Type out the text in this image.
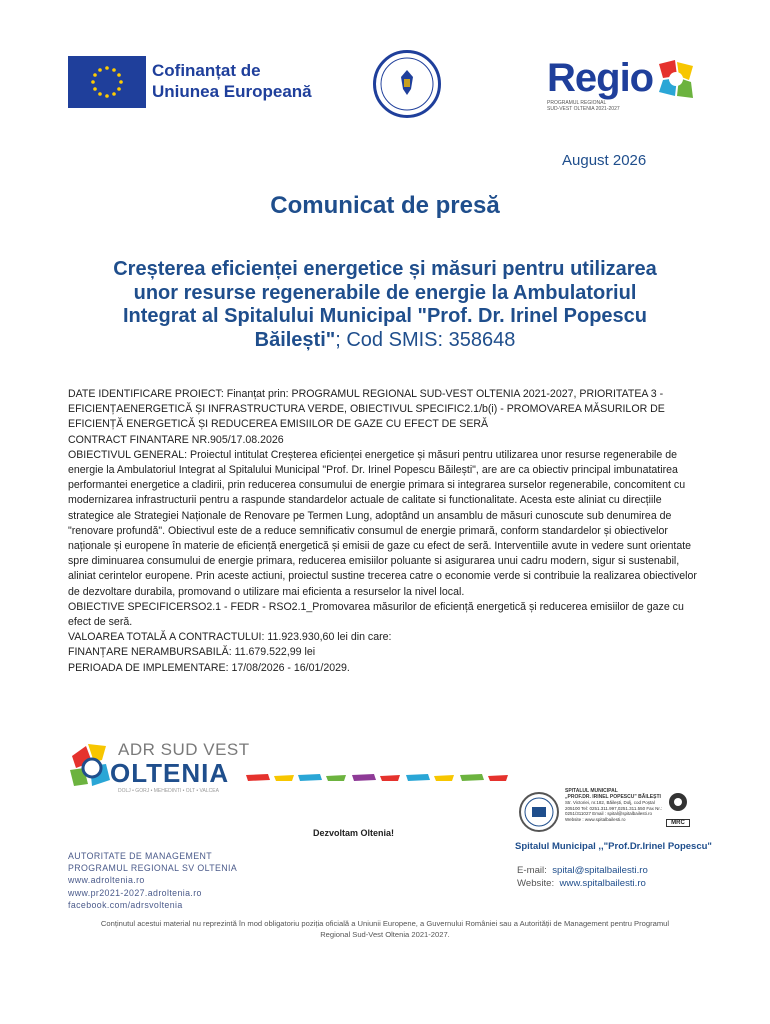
Cofinanțat de
Uniunea Europeană	Regio
PROGRAMUL REGIONAL
SUD-VEST OLTENIA 2021-2027
August 2026
Comunicat de presă
Creșterea eficienței energetice și măsuri pentru utilizarea unor resurse regenerabile de energie la Ambulatoriul Integrat al Spitalului Municipal "Prof. Dr. Irinel Popescu Băilești"; Cod SMIS: 358648

DATE IDENTIFICARE PROIECT: Finanțat prin: PROGRAMUL REGIONAL SUD-VEST OLTENIA 2021-2027, PRIORITATEA 3 - EFICIENȚAENERGETICĂ ȘI INFRASTRUCTURA VERDE, OBIECTIVUL SPECIFIC2.1/b(i) - PROMOVAREA MĂSURILOR DE EFICIENȚĂ ENERGETICĂ ȘI REDUCEREA EMISIILOR DE GAZE CU EFECT DE SERĂ

CONTRACT FINANTARE NR.905/17.08.2026

OBIECTIVUL GENERAL: Proiectul intitulat Creșterea eficienței energetice și măsuri pentru utilizarea unor resurse regenerabile de energie la Ambulatoriul Integrat al Spitalului Municipal "Prof. Dr. Irinel Popescu Băilești", are are ca obiectiv principal imbunatatirea performantei energetice a cladirii, prin reducerea consumului de energie primara si integrarea surselor regenerabile, concomitent cu modernizarea infrastructurii pentru a raspunde standardelor actuale de calitate si functionalitate. Acesta este aliniat cu direcțiile strategice ale Strategiei Naționale de Renovare pe Termen Lung, adoptând un ansamblu de măsuri cunoscute sub denumirea de "renovare profundă". Obiectivul este de a reduce semnificativ consumul de energie primară, conform standardelor și obiectivelor naționale și europene în materie de eficiență energetică și emisii de gaze cu efect de seră. Interventiile avute in vedere sunt orientate spre diminuarea consumului de energie primara, reducerea emisiilor poluante si asigurarea unui cadru modern, sigur si sustenabil, aliniat cerintelor europene. Prin aceste actiuni, proiectul sustine trecerea catre o economie verde si contribuie la realizarea obiectivelor de dezvoltare durabila, promovand o utilizare mai eficienta a resurselor la nivel local.

OBIECTIVE SPECIFICERSO2.1 - FEDR - RSO2.1_Promovarea măsurilor de eficiență energetică și reducerea emisiilor de gaze cu efect de seră.

VALOAREA TOTALĂ A CONTRACTULUI: 11.923.930,60 lei din care:

FINANȚARE NERAMBURSABILĂ: 11.679.522,99 lei

PERIOADA DE IMPLEMENTARE: 17/08/2026 - 16/01/2029.

ADR SUD VEST
OLTENIA
DOLJ • GORJ • MEHEDINTI • OLT • VALCEA
Dezvoltam Oltenia!
AUTORITATE DE MANAGEMENT
PROGRAMUL REGIONAL SV OLTENIA
www.adroltenia.ro
www.pr2021-2027.adroltenia.ro
facebook.com/adrsvoltenia
SPITALUL MUNICIPAL
„PROF.DR. IRINEL POPESCU" BĂILEȘTI
Str. Victoriei, nr.182, Băilești, Dolj, cod Poștal 205100 Tel: 0251.311.997,0251.311.550 Fax Nr.: 0251/311027 Email : spital@spitalbailesti.ro Website : www.spitalbailesti.ro
MRC
Spitalul Municipal ,,"Prof.Dr.Irinel Popescu"
E-mail: spital@spitalbailesti.ro
Website: www.spitalbailesti.ro
Conținutul acestui material nu reprezintă în mod obligatoriu poziția oficială a Uniunii Europene, a Guvernului României sau a Autorității de Management pentru Programul Regional Sud-Vest Oltenia 2021-2027.
